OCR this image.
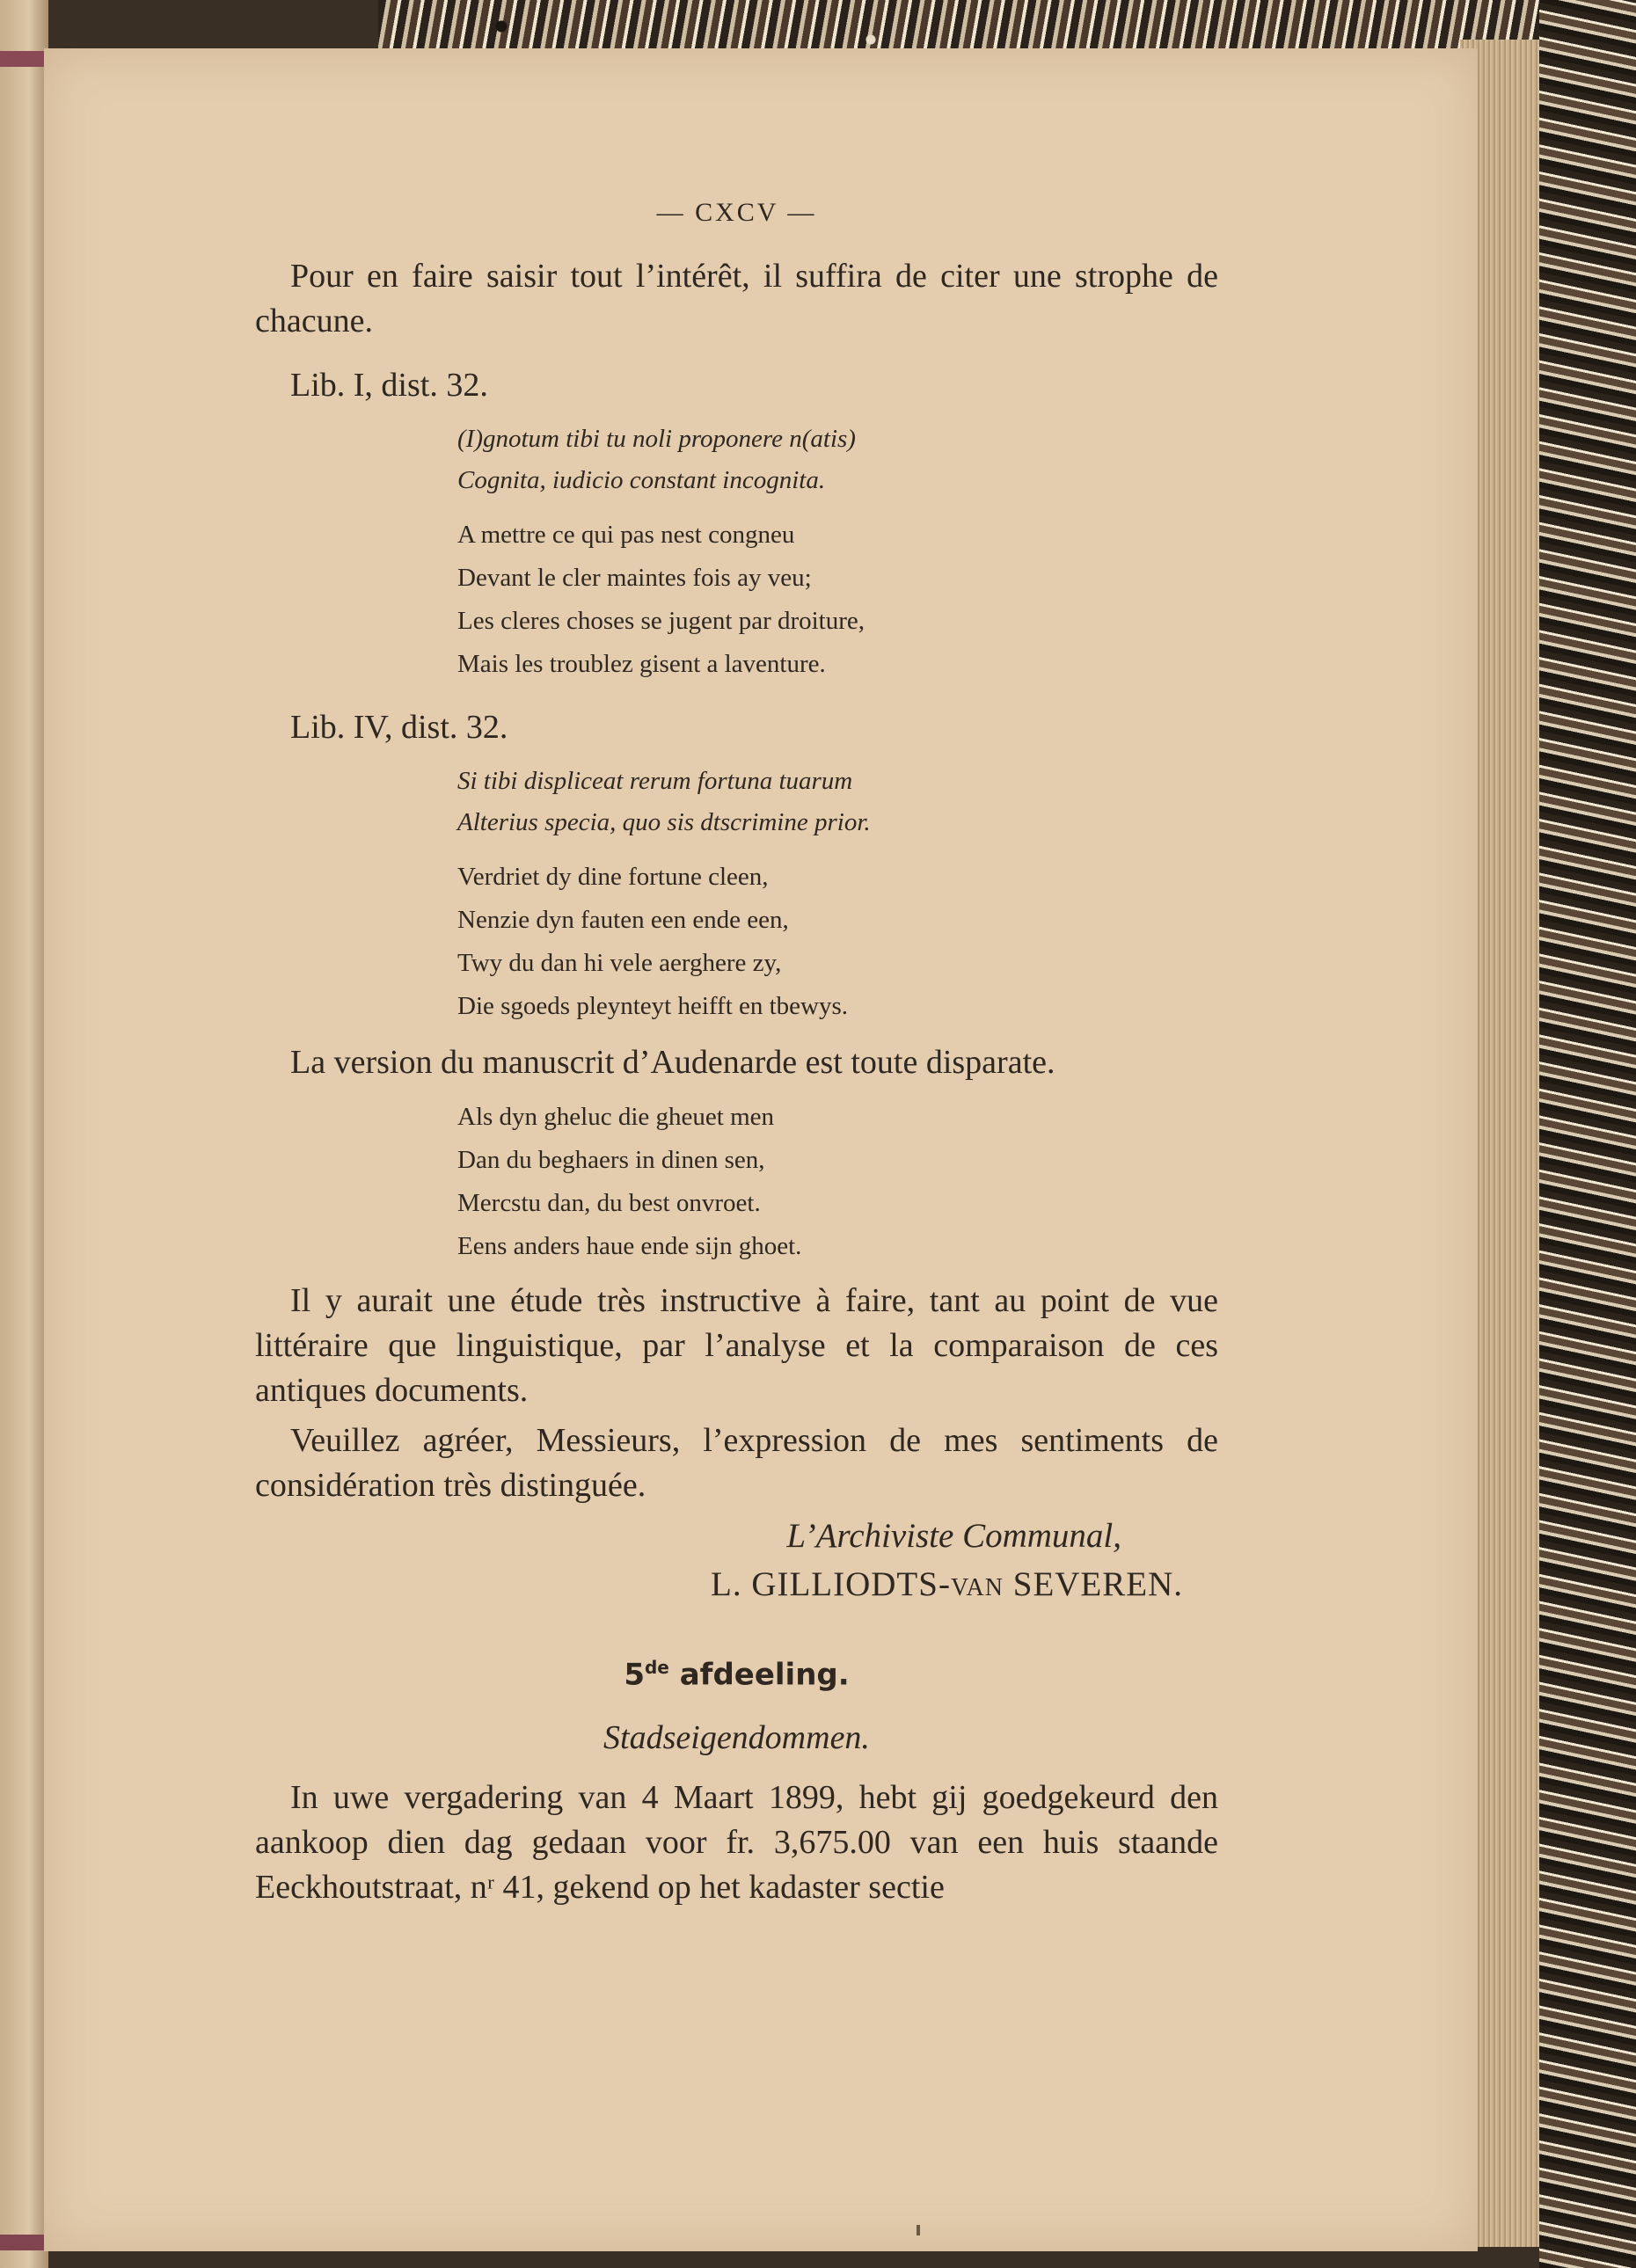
— CXCV —

Pour en faire saisir tout l’intérêt, il suffira de citer une strophe de chacune.

Lib. I, dist. 32.

(I)gnotum tibi tu noli proponere n(atis)
Cognita, iudicio constant incognita.
A mettre ce qui pas nest congneu
Devant le cler maintes fois ay veu;
Les cleres choses se jugent par droiture,
Mais les troublez gisent a laventure.

Lib. IV, dist. 32.

Si tibi displiceat rerum fortuna tuarum
Alterius specia, quo sis dtscrimine prior.
Verdriet dy dine fortune cleen,
Nenzie dyn fauten een ende een,
Twy du dan hi vele aerghere zy,
Die sgoeds pleynteyt heifft en tbewys.

La version du manuscrit d’Audenarde est toute disparate.

Als dyn gheluc die gheuet men
Dan du beghaers in dinen sen,
Mercstu dan, du best onvroet.
Eens anders haue ende sijn ghoet.

Il y aurait une étude très instructive à faire, tant au point de vue littéraire que linguistique, par l’analyse et la comparaison de ces antiques documents.

Veuillez agréer, Messieurs, l’expression de mes sentiments de considération très distinguée.

L’Archiviste Communal,
L. GILLIODTS-VAN SEVEREN.
5de afdeeling.
Stadseigendommen.

In uwe vergadering van 4 Maart 1899, hebt gij goedgekeurd den aankoop dien dag gedaan voor fr. 3,675.00 van een huis staande Eeckhoutstraat, nʳ 41, gekend op het kadaster sectie
